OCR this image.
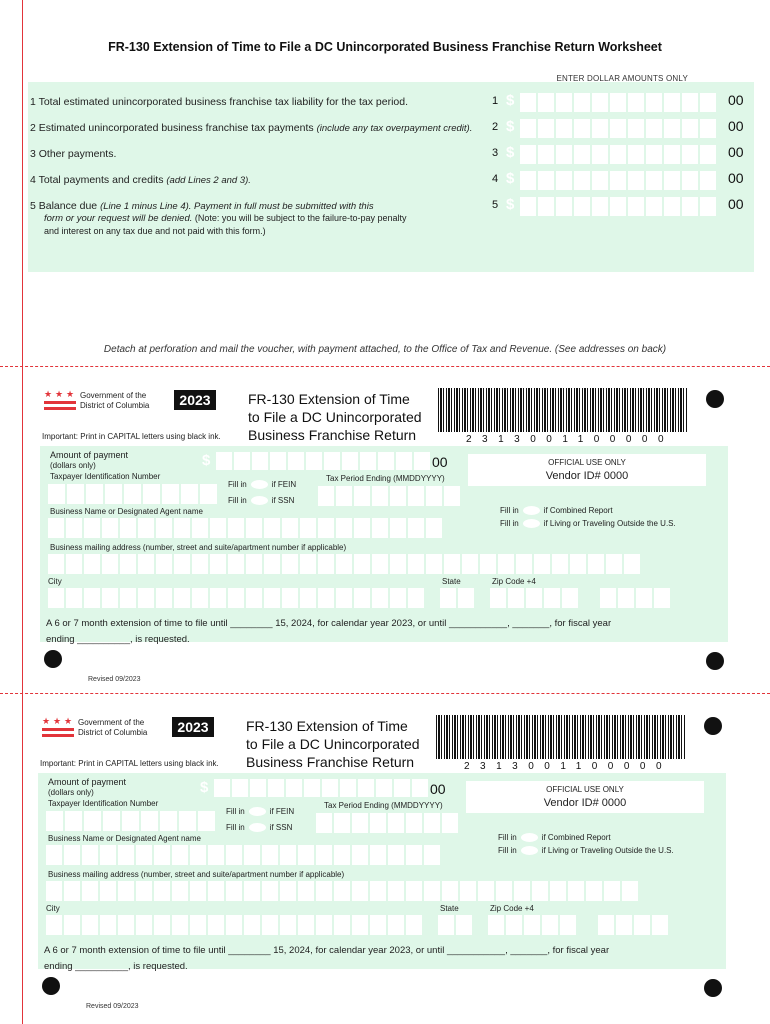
FR-130 Extension of Time to File a DC Unincorporated Business Franchise Return Worksheet
ENTER DOLLAR AMOUNTS ONLY
1 Total estimated unincorporated business franchise tax liability for the tax period.	1 $	00
2 Estimated unincorporated business franchise tax payments (include any tax overpayment credit). 2 $	00
3 Other payments.	3 $	00
4 Total payments and credits (add Lines 2 and 3).	4 $	00
5 Balance due (Line 1 minus Line 4). Payment in full must be submitted with this
form or your request will be denied. (Note: you will be subject to the failure-to-pay penalty and interest on any tax due and not paid with this form.)
5 $	00
Detach at perforation and mail the voucher, with payment attached, to the Office of Tax and Revenue. (See addresses on back)
★ ★ ★ Government of the
District of Columbia	2023	FR-130 Extension of Time
to File a DC Unincorporated
Business Franchise Return
Important: Print in CAPITAL letters using black ink.	2313001100000
Amount of payment
(dollars only)	$	00	OFFICIAL USE ONLY
Vendor ID# 0000
Taxpayer Identification Number
Fill in	if FEIN
Fill in	if SSN
Tax Period Ending (MMDDYYYY)
Business Name or Designated Agent name	Fill in	if Combined Report
Fill in	if Living or Traveling Outside the U.S.
Business mailing address (number, street and suite/apartment number if applicable)
City	State	Zip Code +4
A 6 or 7 month extension of time to file until ________ 15, 2024, for calendar year 2023, or until ___________, _______, for fiscal year
ending __________, is requested.
Revised 09/2023
★ ★ ★ Government of the
District of Columbia	2023	FR-130 Extension of Time
to File a DC Unincorporated
Business Franchise Return
Important: Print in CAPITAL letters using black ink.	2313001100000
Amount of payment
(dollars only)	$	00	OFFICIAL USE ONLY
Vendor ID# 0000
Taxpayer Identification Number
Fill in	if FEIN
Fill in	if SSN
Tax Period Ending (MMDDYYYY)
Business Name or Designated Agent name	Fill in	if Combined Report
Fill in	if Living or Traveling Outside the U.S.
Business mailing address (number, street and suite/apartment number if applicable)
City	State	Zip Code +4
A 6 or 7 month extension of time to file until ________ 15, 2024, for calendar year 2023, or until ___________, _______, for fiscal year
ending __________, is requested.
Revised 09/2023
